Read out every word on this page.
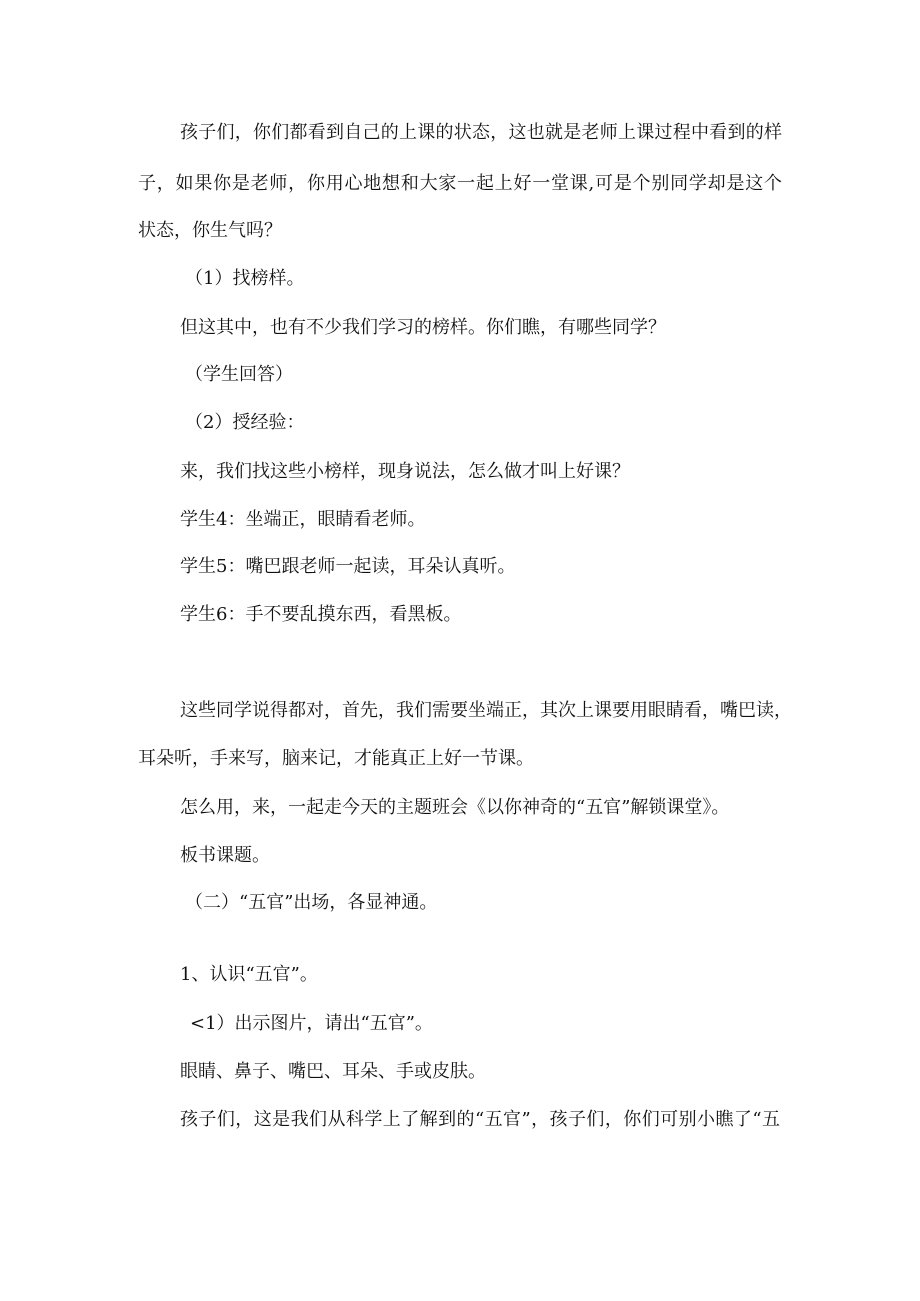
孩子们，你们都看到自己的上课的状态，这也就是老师上课过程中看到的样
子，如果你是老师，你用心地想和大家一起上好一堂课,可是个别同学却是这个
状态，你生气吗？
（1）找榜样。
但这其中，也有不少我们学习的榜样。你们瞧，有哪些同学？
（学生回答）
（2）授经验：
来，我们找这些小榜样，现身说法，怎么做才叫上好课？
学生4：坐端正，眼睛看老师。
学生5：嘴巴跟老师一起读，耳朵认真听。
学生6：手不要乱摸东西，看黑板。
这些同学说得都对，首先，我们需要坐端正，其次上课要用眼睛看，嘴巴读，
耳朵听，手来写，脑来记，才能真正上好一节课。
怎么用，来，一起走今天的主题班会《以你神奇的“五官”解锁课堂》。
板书课题。
（二）“五官”出场，各显神通。
1、认识“五官”。
<1）出示图片，请出“五官”。
眼睛、鼻子、嘴巴、耳朵、手或皮肤。
孩子们，这是我们从科学上了解到的“五官”，孩子们，你们可别小瞧了“五
